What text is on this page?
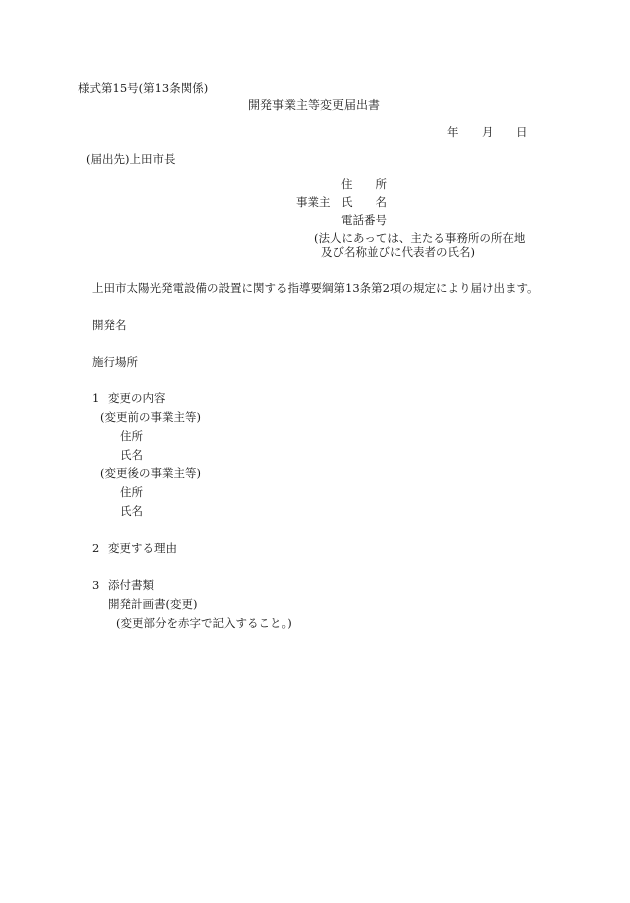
様式第15号(第13条関係)
開発事業主等変更届出書
年 月 日
(届出先)上田市長
住　　所
事業主 氏　　名
電話番号
(法人にあっては、主たる事務所の所在地
及び名称並びに代表者の氏名)
上田市太陽光発電設備の設置に関する指導要綱第13条第2項の規定により届け出ます。
開発名
施行場所
1 変更の内容
(変更前の事業主等)
住所
氏名
(変更後の事業主等)
住所
氏名
2 変更する理由
3 添付書類
開発計画書(変更)
(変更部分を赤字で記入すること。)
